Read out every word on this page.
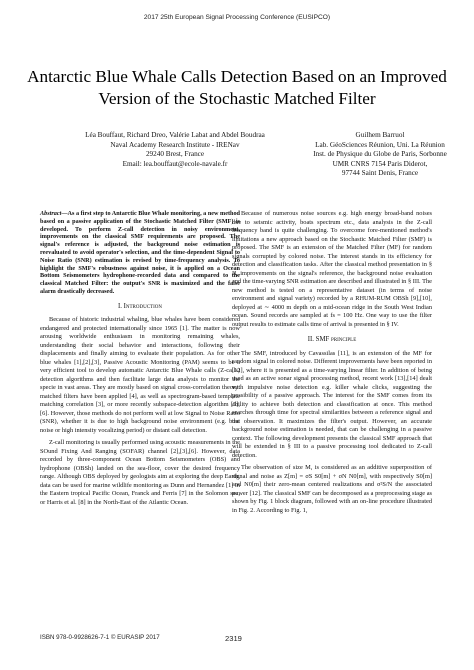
2017 25th European Signal Processing Conference (EUSIPCO)
Antarctic Blue Whale Calls Detection Based on an Improved Version of the Stochastic Matched Filter
Léa Bouffaut, Richard Dreo, Valérie Labat and Abdel Boudraa
Naval Academy Research Institute - IRENav
29240 Brest, France
Email: lea.bouffaut@ecole-navale.fr
Guilhem Barruol
Lab. GéoSciences Réunion, Uni. La Réunion
Inst. de Physique du Globe de Paris, Sorbonne
UMR CNRS 7154 Paris Diderot,
97744 Saint Denis, France
Abstract—As a first step to Antarctic Blue Whale monitoring, a new method based on a passive application of the Stochastic Matched Filter (SMF) is developed. To perform Z-call detection in noisy environment, improvements on the classical SMF requirements are proposed. The signal's reference is adjusted, the background noise estimation is reevaluated to avoid operator's selection, and the time-dependent Signal to Noise Ratio (SNR) estimation is revised by time-frequency analysis. To highlight the SMF's robustness against noise, it is applied on a Ocean Bottom Seismometers hydrophone-recorded data and compared to the classical Matched Filter: the output's SNR is maximized and the false alarm drastically decreased.
I. Introduction
Because of historic industrial whaling, blue whales have been considered endangered and protected internationally since 1965 [1]. The matter is now arousing worldwide enthusiasm in monitoring remaining whales, understanding their social behavior and interactions, following their displacements and finally aiming to evaluate their population. As for other blue whales [1],[2],[3], Passive Acoustic Monitoring (PAM) seems to be a very efficient tool to develop automatic Antarctic Blue Whale calls (Z-calls) detection algorithms and then facilitate large data analysis to monitor the specie in vast areas. They are mostly based on signal cross-correlation theory: matched filters have been applied [4], as well as spectrogram-based template matching correlation [3], or more recently subspace-detection algorithm [5],[6]. However, those methods do not perform well at low Signal to Noise Ratio (SNR), whether it is due to high background noise environment (e.g. boat noise or high intensity vocalizing period) or distant call detection.
Z-call monitoring is usually performed using acoustic measurements in the SOund Fixing And Ranging (SOFAR) channel [2],[3],[6]. However, data recorded by three-component Ocean Bottom Seismometers (OBS) and hydrophone (OBSh) landed on the sea-floor, cover the desired frequency range. Although OBS deployed by geologists aim at exploring the deep Earth, data can be used for marine wildlife monitoring as Dunn and Hernandez [1] in the Eastern tropical Pacific Ocean, Franck and Ferris [7] in the Solomon sea, or Harris et al. [8] in the North-East of the Atlantic Ocean.
Because of numerous noise sources e.g. high energy broad-band noises due to seismic activity, boats spectrum etc., data analysis in the Z-call frequency band is quite challenging. To overcome fore-mentioned method's limitations a new approach based on the Stochastic Matched Filter (SMF) is proposed. The SMF is an extension of the Matched Filter (MF) for random signals corrupted by colored noise. The interest stands in its efficiency for detection and classification tasks. After the classical method presentation in § II, improvements on the signal's reference, the background noise evaluation and the time-varying SNR estimation are described and illustrated in § III. The new method is tested on a representative dataset (in terms of noise environment and signal variety) recorded by a RHUM-RUM OBSh [9],[10], deployed at ∼ 4000 m depth on a mid-ocean ridge in the South West Indian ocean. Sound records are sampled at fs = 100 Hz. One way to use the filter output results to estimate calls time of arrival is presented in § IV.
II. SMF principle
The SMF, introduced by Cavassilas [11], is an extension of the MF for random signal in colored noise. Different improvements have been reported in [12], where it is presented as a time-varying linear filter. In addition of being used as an active sonar signal processing method, recent work [13],[14] dealt with impulsive noise detection e.g. killer whale clicks, suggesting the possibility of a passive approach. The interest for the SMF comes from its ability to achieve both detection and classification at once. This method searches through time for spectral similarities between a reference signal and the observation. It maximizes the filter's output. However, an accurate background noise estimation is needed, that can be challenging in a passive context. The following development presents the classical SMF approach that will be extended in § III to a passive processing tool dedicated to Z-call detection.
The observation of size M, is considered as an additive superposition of signal and noise as Z[m] = σS S0[m] + σN N0[m], with respectively S0[m] and N0[m] their zero-mean centered realizations and σ²S/N the associated power [12]. The classical SMF can be decomposed as a preprocessing stage as shown by Fig. 1 block diagram, followed with an on-line procedure illustrated in Fig. 2. According to Fig. 1,
ISBN 978-0-9928626-7-1 © EURASIP 2017	2319
